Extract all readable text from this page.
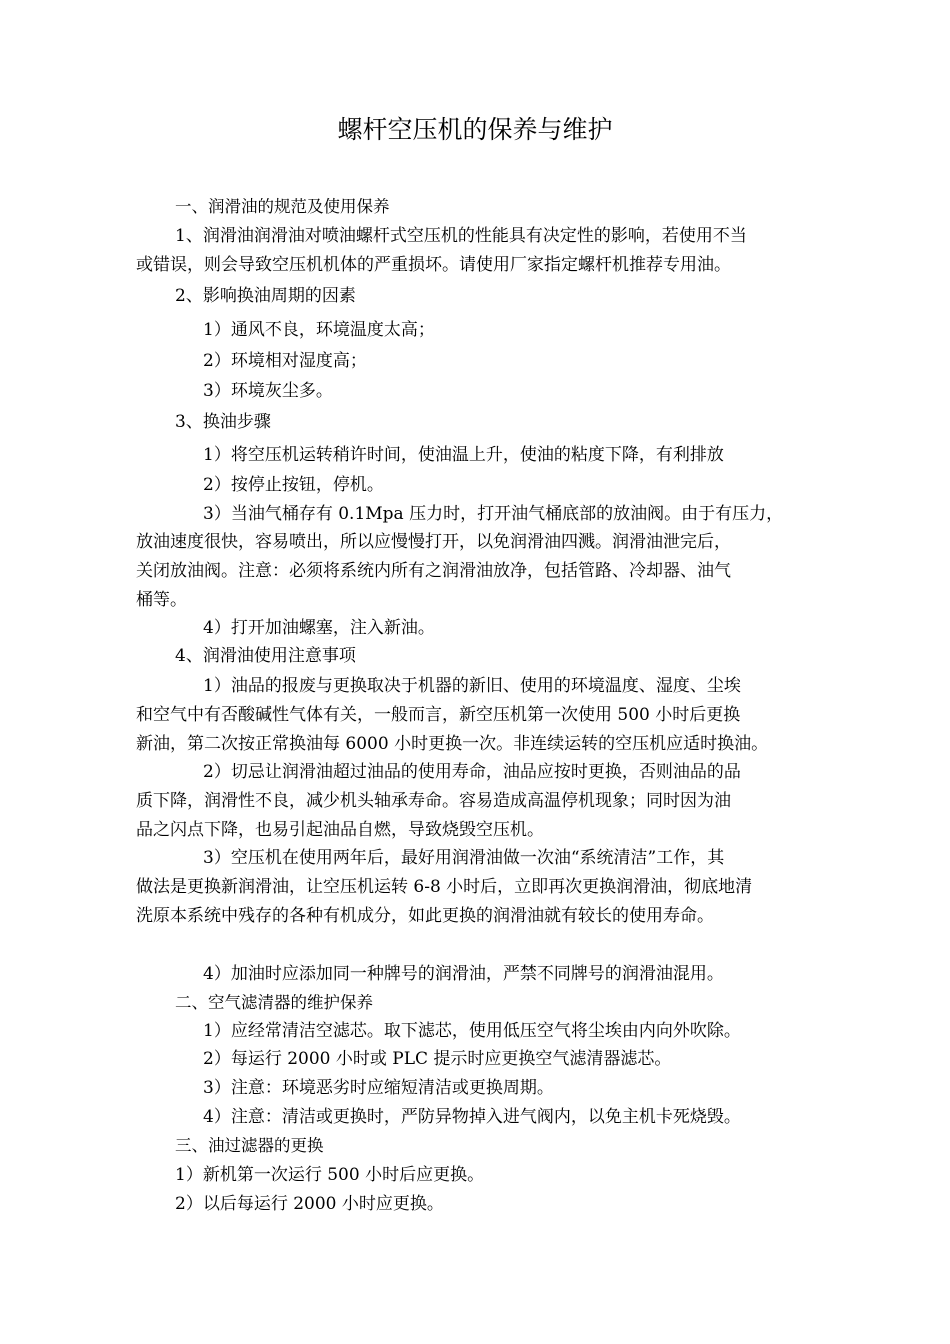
螺杆空压机的保养与维护
一、润滑油的规范及使用保养
1、润滑油润滑油对喷油螺杆式空压机的性能具有决定性的影响，若使用不当
或错误，则会导致空压机机体的严重损坏。请使用厂家指定螺杆机推荐专用油。
2、影响换油周期的因素
1）通风不良，环境温度太高；
2）环境相对湿度高；
3）环境灰尘多。
3、换油步骤
1）将空压机运转稍许时间，使油温上升，使油的粘度下降，有利排放
2）按停止按钮，停机。
3）当油气桶存有 0.1Mpa 压力时，打开油气桶底部的放油阀。由于有压力，
放油速度很快，容易喷出，所以应慢慢打开，以免润滑油四溅。润滑油泄完后，
关闭放油阀。注意：必须将系统内所有之润滑油放净，包括管路、冷却器、油气
桶等。
4）打开加油螺塞，注入新油。
4、润滑油使用注意事项
1）油品的报废与更换取决于机器的新旧、使用的环境温度、湿度、尘埃
和空气中有否酸碱性气体有关，一般而言，新空压机第一次使用 500 小时后更换
新油，第二次按正常换油每 6000 小时更换一次。非连续运转的空压机应适时换油。
2）切忌让润滑油超过油品的使用寿命，油品应按时更换，否则油品的品
质下降，润滑性不良，减少机头轴承寿命。容易造成高温停机现象；同时因为油
品之闪点下降，也易引起油品自燃，导致烧毁空压机。
3）空压机在使用两年后，最好用润滑油做一次油“系统清洁”工作，其
做法是更换新润滑油，让空压机运转 6-8 小时后，立即再次更换润滑油，彻底地清
洗原本系统中残存的各种有机成分，如此更换的润滑油就有较长的使用寿命。
4）加油时应添加同一种牌号的润滑油，严禁不同牌号的润滑油混用。
二、空气滤清器的维护保养
1）应经常清洁空滤芯。取下滤芯，使用低压空气将尘埃由内向外吹除。
2）每运行 2000 小时或 PLC 提示时应更换空气滤清器滤芯。
3）注意：环境恶劣时应缩短清洁或更换周期。
4）注意：清洁或更换时，严防异物掉入进气阀内，以免主机卡死烧毁。
三、油过滤器的更换
1）新机第一次运行 500 小时后应更换。
2）以后每运行 2000 小时应更换。
